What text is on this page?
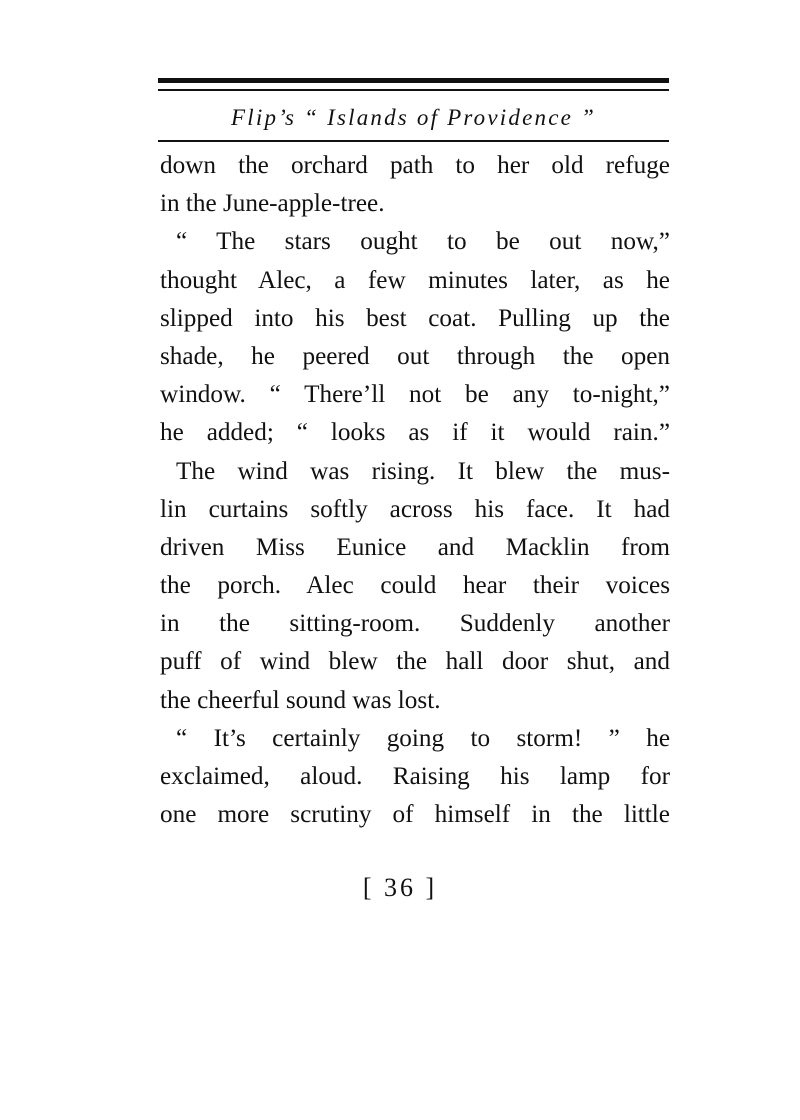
Flip’s “ Islands of Providence ”
down the orchard path to her old refuge
in the June-apple-tree.
“ The stars ought to be out now,”
thought Alec, a few minutes later, as he
slipped into his best coat. Pulling up the
shade, he peered out through the open
window. “ There’ll not be any to-night,”
he added; “ looks as if it would rain.”
The wind was rising. It blew the mus-
lin curtains softly across his face. It had
driven Miss Eunice and Macklin from
the porch. Alec could hear their voices
in the sitting-room. Suddenly another
puff of wind blew the hall door shut, and
the cheerful sound was lost.
“ It’s certainly going to storm! ” he
exclaimed, aloud. Raising his lamp for
one more scrutiny of himself in the little
[ 36 ]
